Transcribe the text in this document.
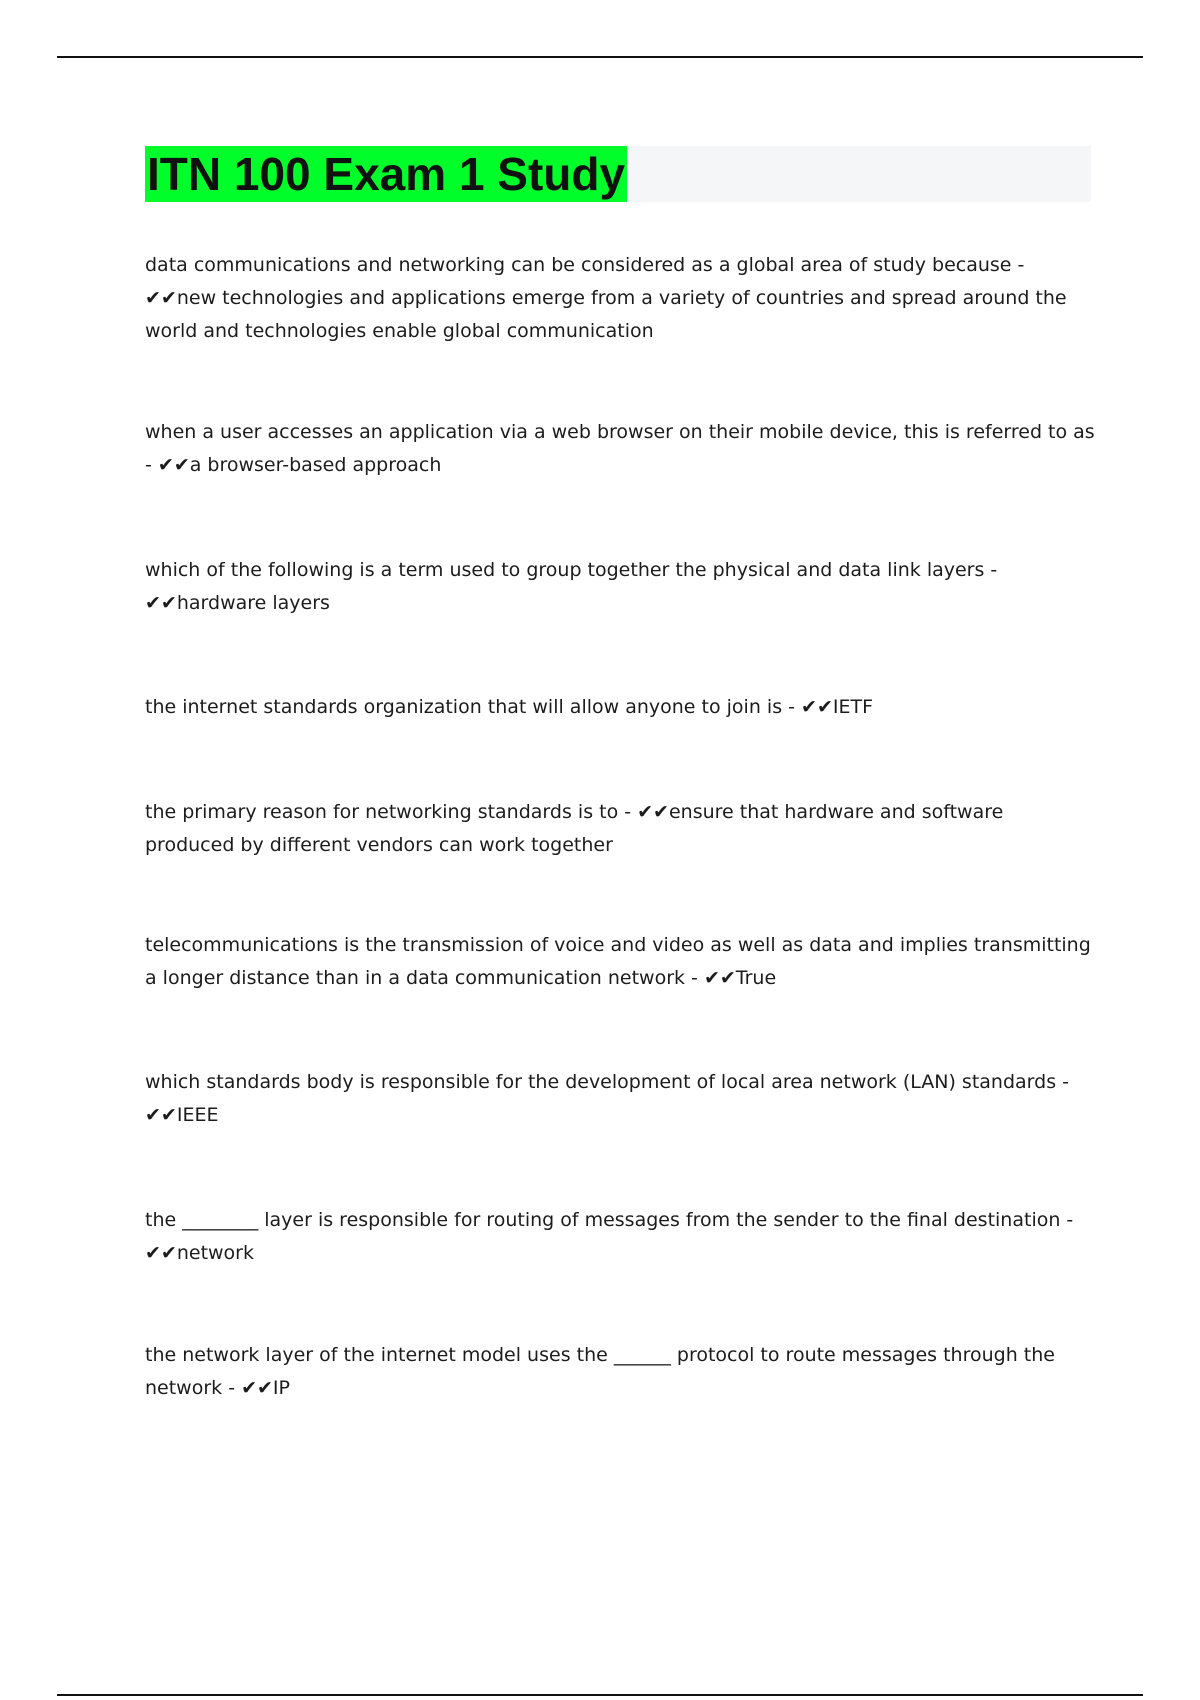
ITN 100 Exam 1 Study

data communications and networking can be considered as a global area of study because - ✔✔new technologies and applications emerge from a variety of countries and spread around the world and technologies enable global communication

when a user accesses an application via a web browser on their mobile device, this is referred to as - ✔✔a browser-based approach

which of the following is a term used to group together the physical and data link layers - ✔✔hardware layers

the internet standards organization that will allow anyone to join is - ✔✔IETF

the primary reason for networking standards is to - ✔✔ensure that hardware and software produced by different vendors can work together

telecommunications is the transmission of voice and video as well as data and implies transmitting a longer distance than in a data communication network - ✔✔True

which standards body is responsible for the development of local area network (LAN) standards - ✔✔IEEE

the ________ layer is responsible for routing of messages from the sender to the final destination - ✔✔network

the network layer of the internet model uses the ______ protocol to route messages through the network - ✔✔IP
